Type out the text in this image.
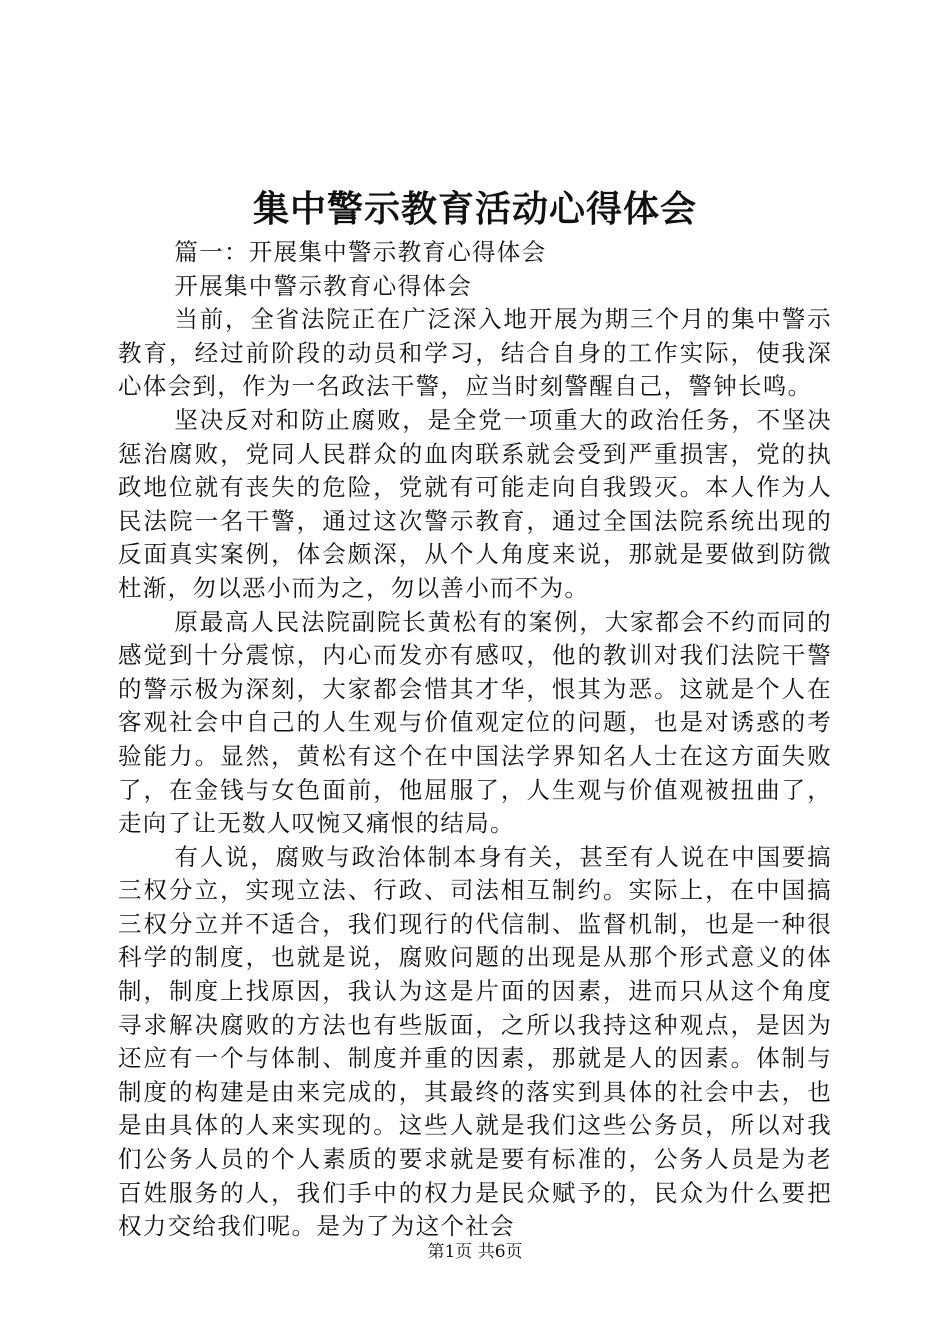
集中警示教育活动心得体会

篇一：开展集中警示教育心得体会

开展集中警示教育心得体会

当前，全省法院正在广泛深入地开展为期三个月的集中警示教育，经过前阶段的动员和学习，结合自身的工作实际，使我深心体会到，作为一名政法干警，应当时刻警醒自己，警钟长鸣。

坚决反对和防止腐败，是全党一项重大的政治任务，不坚决惩治腐败，党同人民群众的血肉联系就会受到严重损害，党的执政地位就有丧失的危险，党就有可能走向自我毁灭。本人作为人民法院一名干警，通过这次警示教育，通过全国法院系统出现的反面真实案例，体会颇深，从个人角度来说，那就是要做到防微杜渐，勿以恶小而为之，勿以善小而不为。

原最高人民法院副院长黄松有的案例，大家都会不约而同的感觉到十分震惊，内心而发亦有感叹，他的教训对我们法院干警的警示极为深刻，大家都会惜其才华，恨其为恶。这就是个人在客观社会中自己的人生观与价值观定位的问题，也是对诱惑的考验能力。显然，黄松有这个在中国法学界知名人士在这方面失败了，在金钱与女色面前，他屈服了，人生观与价值观被扭曲了，走向了让无数人叹惋又痛恨的结局。

有人说，腐败与政治体制本身有关，甚至有人说在中国要搞三权分立，实现立法、行政、司法相互制约。实际上，在中国搞三权分立并不适合，我们现行的代信制、监督机制，也是一种很科学的制度，也就是说，腐败问题的出现是从那个形式意义的体制，制度上找原因，我认为这是片面的因素，进而只从这个角度寻求解决腐败的方法也有些版面，之所以我持这种观点，是因为还应有一个与体制、制度并重的因素，那就是人的因素。体制与制度的构建是由来完成的，其最终的落实到具体的社会中去，也是由具体的人来实现的。这些人就是我们这些公务员，所以对我们公务人员的个人素质的要求就是要有标准的，公务人员是为老百姓服务的人，我们手中的权力是民众赋予的，民众为什么要把权力交给我们呢。是为了为这个社会

第1页 共6页
